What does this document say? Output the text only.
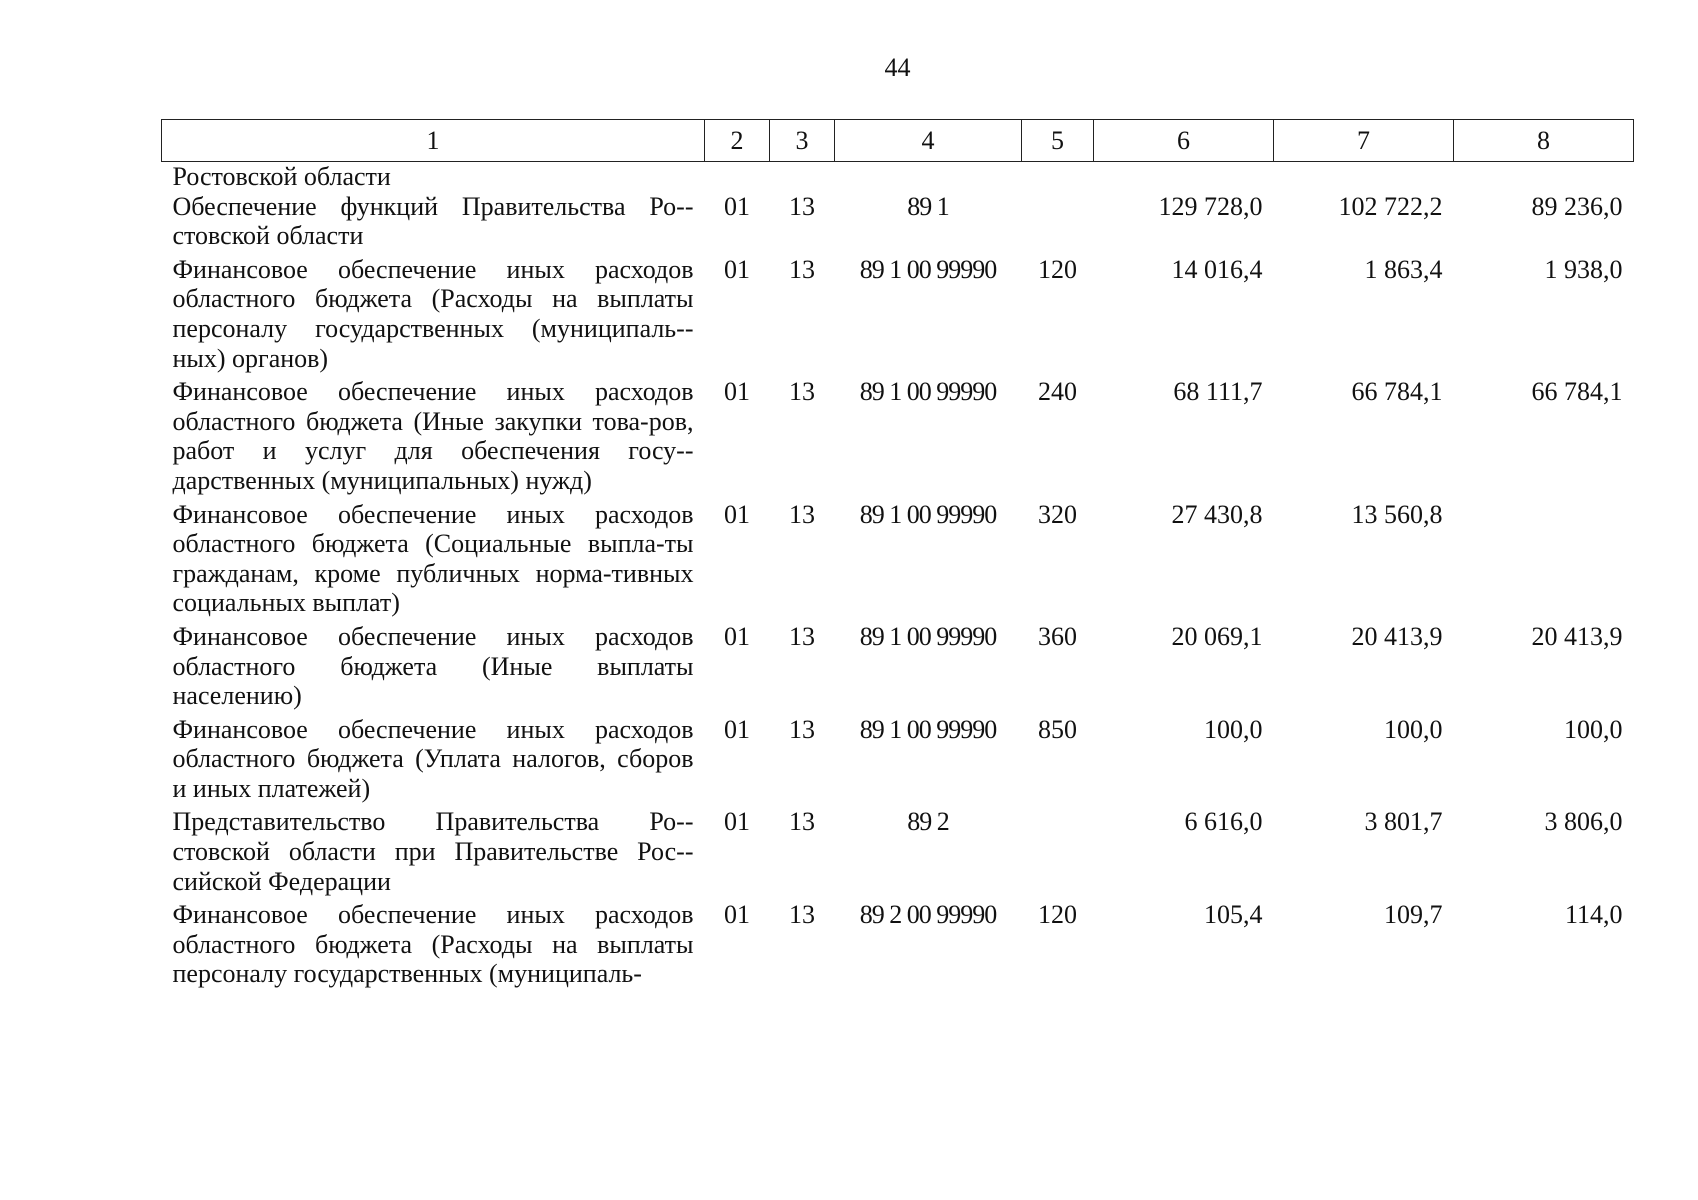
44
1	2	3	4	5	6	7	8
Ростовской области							
Обеспечение функций Правительства Ро-стовской области	01	13	89 1		129 728,0	102 722,2	89 236,0
Финансовое обеспечение иных расходов областного бюджета (Расходы на выплаты персоналу государственных (муниципаль-ных) органов)	01	13	89 1 00 99990	120	14 016,4	1 863,4	1 938,0
Финансовое обеспечение иных расходов областного бюджета (Иные закупки това-ров, работ и услуг для обеспечения госу-дарственных (муниципальных) нужд)	01	13	89 1 00 99990	240	68 111,7	66 784,1	66 784,1
Финансовое обеспечение иных расходов областного бюджета (Социальные выпла-ты гражданам, кроме публичных норма-тивных социальных выплат)	01	13	89 1 00 99990	320	27 430,8	13 560,8	
Финансовое обеспечение иных расходов областного бюджета (Иные выплаты населению)	01	13	89 1 00 99990	360	20 069,1	20 413,9	20 413,9
Финансовое обеспечение иных расходов областного бюджета (Уплата налогов, сборов и иных платежей)	01	13	89 1 00 99990	850	100,0	100,0	100,0
Представительство Правительства Ро-стовской области при Правительстве Рос-сийской Федерации	01	13	89 2		6 616,0	3 801,7	3 806,0
Финансовое обеспечение иных расходов областного бюджета (Расходы на выплаты персоналу государственных (муниципаль-	01	13	89 2 00 99990	120	105,4	109,7	114,0
